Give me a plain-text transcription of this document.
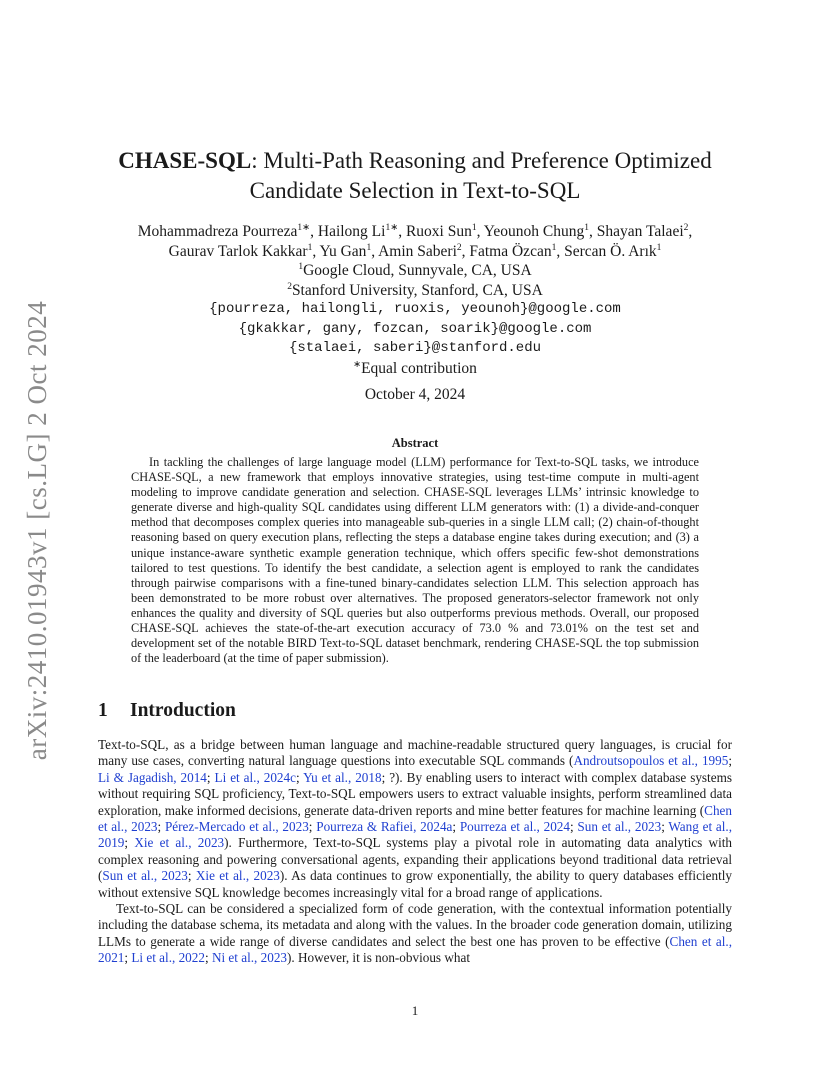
arXiv:2410.01943v1 [cs.LG] 2 Oct 2024
CHASE-SQL: Multi-Path Reasoning and Preference Optimized
Candidate Selection in Text-to-SQL
Mohammadreza Pourreza$^{1∗}$, Hailong $Li^{1∗}$, Ruoxi Sun$^1$, Yeounoh Chung$^1$, Shayan Talaei$^2$,
Gaurav Tarlok Kakkar$^1$, Yu Gan$^1$, Amin Saberi$^2$, Fatma Özcan$^1$, Sercan Ö. Arık$^1$
$^1$Google Cloud, Sunnyvale, CA, USA
$^2$Stanford University, Stanford, CA, USA
{pourreza, hailongli, ruoxis, yeounoh}@google.com
{gkakkar, gany, fozcan, soarik}@google.com
{stalaei, saberi}@stanford.edu
∗Equal contribution
October 4, 2024
Abstract

In tackling the challenges of large language model (LLM) performance for Text-to-SQL tasks, we introduce CHASE-SQL, a new framework that employs innovative strategies, using test-time compute in multi-agent modeling to improve candidate generation and selection. CHASE-SQL leverages LLMs’ intrinsic knowledge to generate diverse and high-quality SQL candidates using different LLM generators with: (1) a divide-and-conquer method that decomposes complex queries into manageable sub-queries in a single LLM call; (2) chain-of-thought reasoning based on query execution plans, reflecting the steps a database engine takes during execution; and (3) a unique instance-aware synthetic example generation technique, which offers specific few-shot demonstrations tailored to test questions. To identify the best candidate, a selection agent is employed to rank the candidates through pairwise comparisons with a fine-tuned binary-candidates selection LLM. This selection approach has been demonstrated to be more robust over alternatives. The proposed generators-selector framework not only enhances the quality and diversity of SQL queries but also outperforms previous methods. Overall, our proposed CHASE-SQL achieves the state-of-the-art execution accuracy of 73.0 % and 73.01% on the test set and development set of the notable BIRD Text-to-SQL dataset benchmark, rendering CHASE-SQL the top submission of the leaderboard (at the time of paper submission).

1 Introduction

Text-to-SQL, as a bridge between human language and machine-readable structured query languages, is crucial for many use cases, converting natural language questions into executable SQL commands (Androutsopoulos et al., 1995; Li & Jagadish, 2014; Li et al., 2024c; Yu et al., 2018; ?). By enabling users to interact with complex database systems without requiring SQL proficiency, Text-to-SQL empowers users to extract valuable insights, perform streamlined data exploration, make informed decisions, generate data-driven reports and mine better features for machine learning (Chen et al., 2023; Pérez-Mercado et al., 2023; Pourreza & Rafiei, 2024a; Pourreza et al., 2024; Sun et al., 2023; Wang et al., 2019; Xie et al., 2023). Furthermore, Text-to-SQL systems play a pivotal role in automating data analytics with complex reasoning and powering conversational agents, expanding their applications beyond traditional data retrieval (Sun et al., 2023; Xie et al., 2023). As data continues to grow exponentially, the ability to query databases efficiently without extensive SQL knowledge becomes increasingly vital for a broad range of applications.

Text-to-SQL can be considered a specialized form of code generation, with the contextual information potentially including the database schema, its metadata and along with the values. In the broader code generation domain, utilizing LLMs to generate a wide range of diverse candidates and select the best one has proven to be effective (Chen et al., 2021; Li et al., 2022; Ni et al., 2023). However, it is non-obvious what

1
